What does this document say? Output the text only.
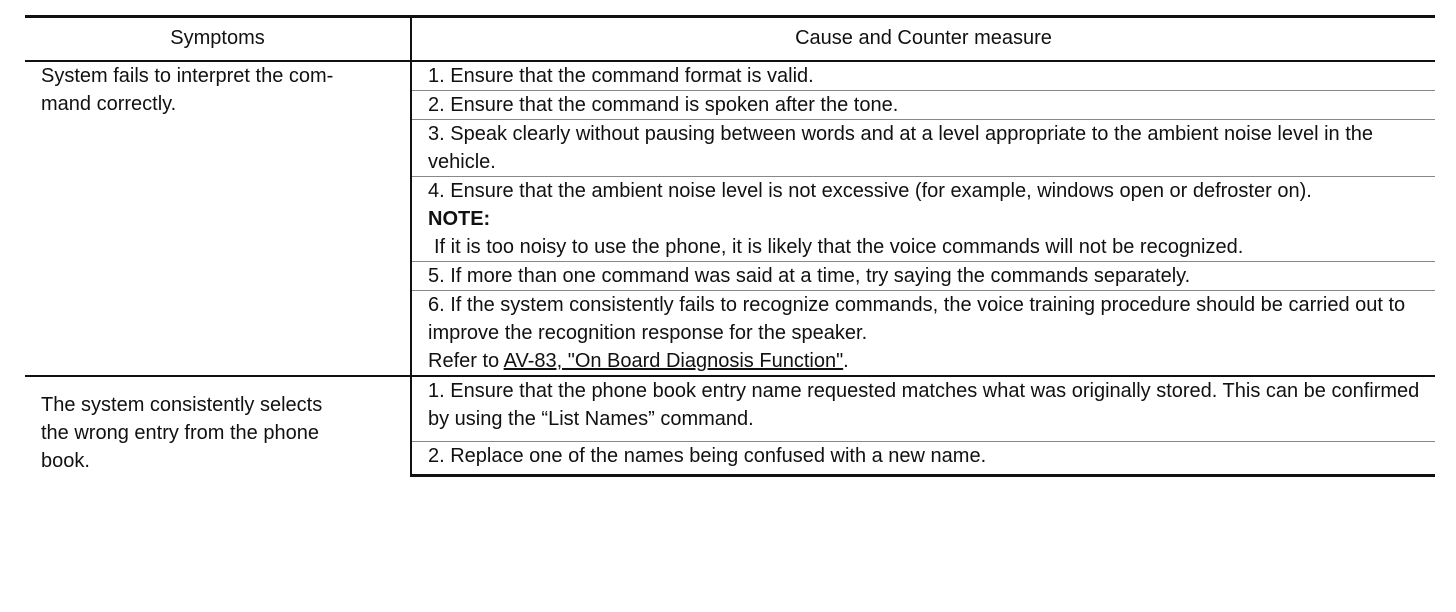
Symptoms	Cause and Counter measure

System fails to interpret the com-
mand correctly.	1. Ensure that the command format is valid.
	2. Ensure that the command is spoken after the tone.
	3. Speak clearly without pausing between words and at a level appropriate to the ambient noise level in the vehicle.

	4. Ensure that the ambient noise level is not excessive (for example, windows open or defroster on).
NOTE:
If it is too noisy to use the phone, it is likely that the voice commands will not be recognized.

	5. If more than one command was said at a time, try saying the commands separately.

	6. If the system consistently fails to recognize commands, the voice training procedure should be carried out to improve the recognition response for the speaker.
Refer to AV-83, "On Board Diagnosis Function".

The system consistently selects
the wrong entry from the phone
book.	1. Ensure that the phone book entry name requested matches what was originally stored. This can be confirmed by using the “List Names” command.
	2. Replace one of the names being confused with a new name.
